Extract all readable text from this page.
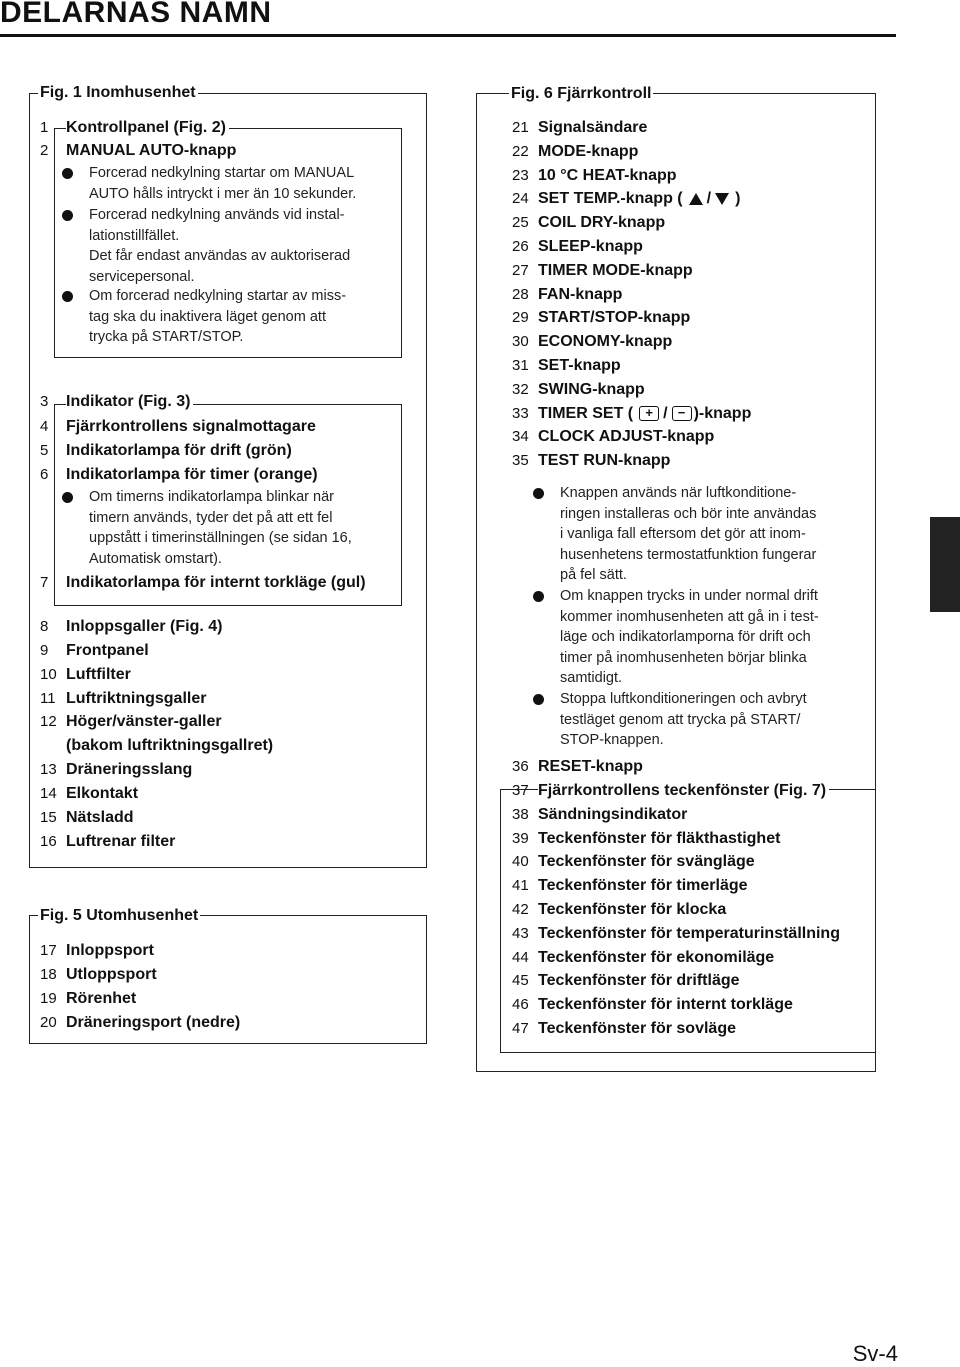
DELARNAS NAMN
Fig. 1 Inomhusenhet
Fig. 5 Utomhusenhet
Fig. 6 Fjärrkontroll
1 Kontrollpanel (Fig. 2)
2 MANUAL AUTO-knapp
3 Indikator (Fig. 3)
4 Fjärrkontrollens signalmottagare
5 Indikatorlampa för drift (grön)
6 Indikatorlampa för timer (orange)
7 Indikatorlampa för internt torkläge (gul)
8 Inloppsgaller (Fig. 4)
9 Frontpanel
10 Luftfilter
11 Luftriktningsgaller
12 Höger/vänster-galler
(bakom luftriktningsgallret)
13 Dräneringsslang
14 Elkontakt
15 Nätsladd
16 Luftrenar filter
17 Inloppsport
18 Utloppsport
19 Rörenhet
20 Dräneringsport (nedre)

Forcerad nedkylning startar om MANUAL

AUTO hålls intryckt i mer än 10 sekunder.

Forcerad nedkylning används vid instal-

lationstillfället.

Det får endast användas av auktoriserad

servicepersonal.

Om forcerad nedkylning startar av miss-

tag ska du inaktivera läget genom att

trycka på START/STOP.

Om timerns indikatorlampa blinkar när

timern används, tyder det på att ett fel

uppstått i timerinställningen (se sidan 16,

Automatisk omstart).

21 Signalsändare
22 MODE-knapp
23 10 °C HEAT-knapp
24 SET TEMP.-knapp ( / )
25 COIL DRY-knapp
26 SLEEP-knapp
27 TIMER MODE-knapp
28 FAN-knapp
29 START/STOP-knapp
30 ECONOMY-knapp
31 SET-knapp
32 SWING-knapp
33 TIMER SET ( + / − )-knapp
34 CLOCK ADJUST-knapp
35 TEST RUN-knapp
36 RESET-knapp
37 Fjärrkontrollens teckenfönster (Fig. 7)
38 Sändningsindikator
39 Teckenfönster för fläkthastighet
40 Teckenfönster för svängläge
41 Teckenfönster för timerläge
42 Teckenfönster för klocka
43 Teckenfönster för temperaturinställning
44 Teckenfönster för ekonomiläge
45 Teckenfönster för driftläge
46 Teckenfönster för internt torkläge
47 Teckenfönster för sovläge

Knappen används när luftkonditione-

ringen installeras och bör inte användas

i vanliga fall eftersom det gör att inom-

husenhetens termostatfunktion fungerar

på fel sätt.

Om knappen trycks in under normal drift

kommer inomhusenheten att gå in i test-

läge och indikatorlamporna för drift och

timer på inomhusenheten börjar blinka

samtidigt.

Stoppa luftkonditioneringen och avbryt

testläget genom att trycka på START/

STOP-knappen.

Sv-4
